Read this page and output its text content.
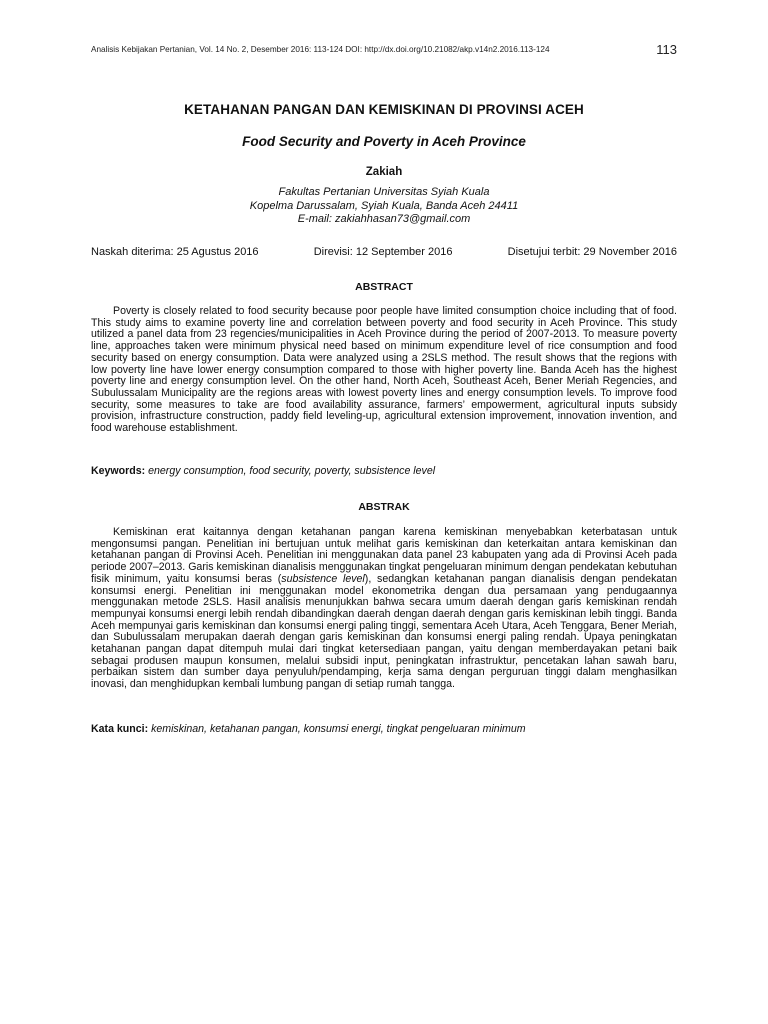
Analisis Kebijakan Pertanian, Vol. 14 No. 2, Desember 2016: 113-124 DOI: http://dx.doi.org/10.21082/akp.v14n2.2016.113-124	113
KETAHANAN PANGAN DAN KEMISKINAN DI PROVINSI ACEH
Food Security and Poverty in Aceh Province
Zakiah
Fakultas Pertanian Universitas Syiah Kuala
Kopelma Darussalam, Syiah Kuala, Banda Aceh 24411
E-mail: zakiahhasan73@gmail.com
Naskah diterima: 25 Agustus 2016	Direvisi: 12 September 2016	Disetujui terbit: 29 November 2016
ABSTRACT

Poverty is closely related to food security because poor people have limited consumption choice including that of food. This study aims to examine poverty line and correlation between poverty and food security in Aceh Province. This study utilized a panel data from 23 regencies/municipalities in Aceh Province during the period of 2007-2013. To measure poverty line, approaches taken were minimum physical need based on minimum expenditure level of rice consumption and food security based on energy consumption. Data were analyzed using a 2SLS method. The result shows that the regions with low poverty line have lower energy consumption compared to those with higher poverty line. Banda Aceh has the highest poverty line and energy consumption level. On the other hand, North Aceh, Southeast Aceh, Bener Meriah Regencies, and Subulussalam Municipality are the regions areas with lowest poverty lines and energy consumption levels. To improve food security, some measures to take are food availability assurance, farmers’ empowerment, agricultural inputs subsidy provision, infrastructure construction, paddy field leveling-up, agricultural extension improvement, innovation invention, and food warehouse establishment.

Keywords: energy consumption, food security, poverty, subsistence level
ABSTRAK

Kemiskinan erat kaitannya dengan ketahanan pangan karena kemiskinan menyebabkan keterbatasan untuk mengonsumsi pangan. Penelitian ini bertujuan untuk melihat garis kemiskinan dan keterkaitan antara kemiskinan dan ketahanan pangan di Provinsi Aceh. Penelitian ini menggunakan data panel 23 kabupaten yang ada di Provinsi Aceh pada periode 2007–2013. Garis kemiskinan dianalisis menggunakan tingkat pengeluaran minimum dengan pendekatan kebutuhan fisik minimum, yaitu konsumsi beras (subsistence level), sedangkan ketahanan pangan dianalisis dengan pendekatan konsumsi energi. Penelitian ini menggunakan model ekonometrika dengan dua persamaan yang pendugaannya menggunakan metode 2SLS. Hasil analisis menunjukkan bahwa secara umum daerah dengan garis kemiskinan rendah mempunyai konsumsi energi lebih rendah dibandingkan daerah dengan daerah dengan garis kemiskinan lebih tinggi. Banda Aceh mempunyai garis kemiskinan dan konsumsi energi paling tinggi, sementara Aceh Utara, Aceh Tenggara, Bener Meriah, dan Subulussalam merupakan daerah dengan garis kemiskinan dan konsumsi energi paling rendah. Upaya peningkatan ketahanan pangan dapat ditempuh mulai dari tingkat ketersediaan pangan, yaitu dengan memberdayakan petani baik sebagai produsen maupun konsumen, melalui subsidi input, peningkatan infrastruktur, pencetakan lahan sawah baru, perbaikan sistem dan sumber daya penyuluh/pendamping, kerja sama dengan perguruan tinggi dalam menghasilkan inovasi, dan menghidupkan kembali lumbung pangan di setiap rumah tangga.

Kata kunci: kemiskinan, ketahanan pangan, konsumsi energi, tingkat pengeluaran minimum
